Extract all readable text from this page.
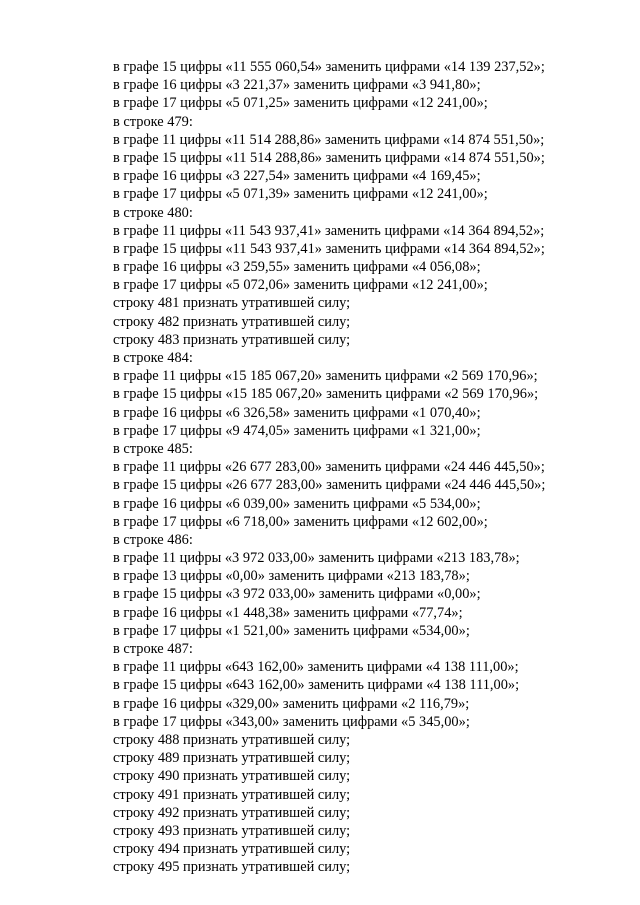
в графе 15 цифры «11 555 060,54» заменить цифрами «14 139 237,52»;
в графе 16 цифры «3 221,37» заменить цифрами «3 941,80»;
в графе 17 цифры «5 071,25» заменить цифрами «12 241,00»;
в строке 479:
в графе 11 цифры «11 514 288,86» заменить цифрами «14 874 551,50»;
в графе 15 цифры «11 514 288,86» заменить цифрами «14 874 551,50»;
в графе 16 цифры «3 227,54» заменить цифрами «4 169,45»;
в графе 17 цифры «5 071,39» заменить цифрами «12 241,00»;
в строке 480:
в графе 11 цифры «11 543 937,41» заменить цифрами «14 364 894,52»;
в графе 15 цифры «11 543 937,41» заменить цифрами «14 364 894,52»;
в графе 16 цифры «3 259,55» заменить цифрами «4 056,08»;
в графе 17 цифры «5 072,06» заменить цифрами «12 241,00»;
строку 481 признать утратившей силу;
строку 482 признать утратившей силу;
строку 483 признать утратившей силу;
в строке 484:
в графе 11 цифры «15 185 067,20» заменить цифрами «2 569 170,96»;
в графе 15 цифры «15 185 067,20» заменить цифрами «2 569 170,96»;
в графе 16 цифры «6 326,58» заменить цифрами «1 070,40»;
в графе 17 цифры «9 474,05» заменить цифрами «1 321,00»;
в строке 485:
в графе 11 цифры «26 677 283,00» заменить цифрами «24 446 445,50»;
в графе 15 цифры «26 677 283,00» заменить цифрами «24 446 445,50»;
в графе 16 цифры «6 039,00» заменить цифрами «5 534,00»;
в графе 17 цифры «6 718,00» заменить цифрами «12 602,00»;
в строке 486:
в графе 11 цифры «3 972 033,00» заменить цифрами «213 183,78»;
в графе 13 цифры «0,00» заменить цифрами «213 183,78»;
в графе 15 цифры «3 972 033,00» заменить цифрами «0,00»;
в графе 16 цифры «1 448,38» заменить цифрами «77,74»;
в графе 17 цифры «1 521,00» заменить цифрами «534,00»;
в строке 487:
в графе 11 цифры «643 162,00» заменить цифрами «4 138 111,00»;
в графе 15 цифры «643 162,00» заменить цифрами «4 138 111,00»;
в графе 16 цифры «329,00» заменить цифрами «2 116,79»;
в графе 17 цифры «343,00» заменить цифрами «5 345,00»;
строку 488 признать утратившей силу;
строку 489 признать утратившей силу;
строку 490 признать утратившей силу;
строку 491 признать утратившей силу;
строку 492 признать утратившей силу;
строку 493 признать утратившей силу;
строку 494 признать утратившей силу;
строку 495 признать утратившей силу;
